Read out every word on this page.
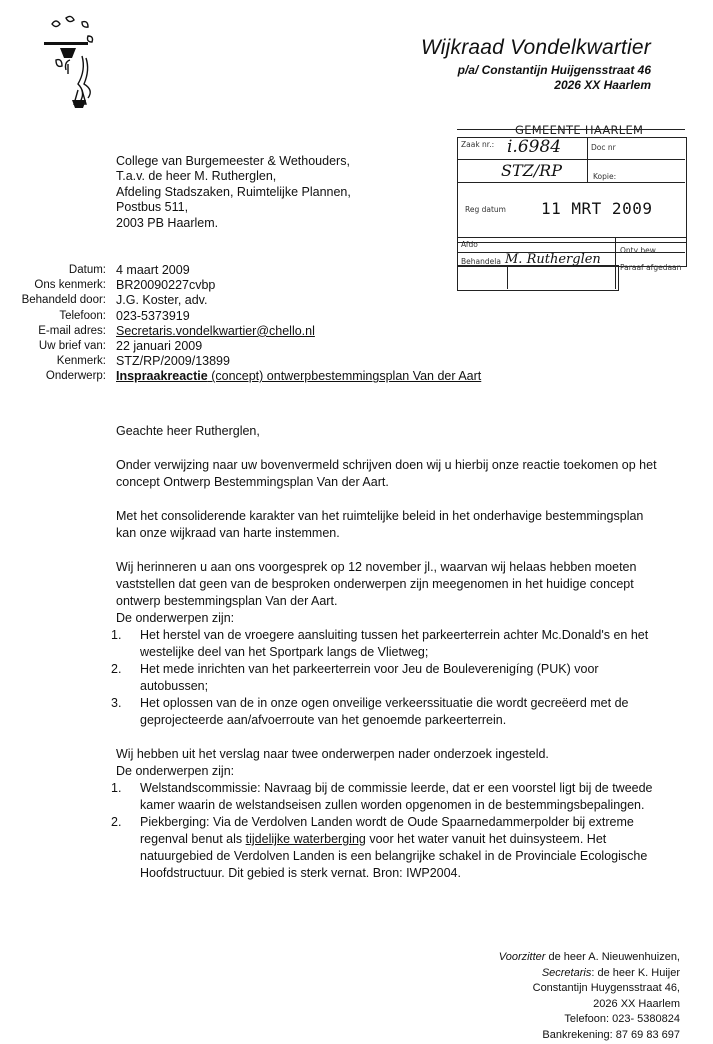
Wijkraad Vondelkwartier
p/a/ Constantijn Huijgensstraat 46
2026 XX Haarlem
GEMEENTE HAARLEM
Zaak nr.: i.6984	Doc nr
STZ/RP	Kopie:
Reg datum 11 MRT 2009
Afdo
Ontv bew
Behandela M. Rutherglen
Paraaf afgedaan
College van Burgemeester & Wethouders,
T.a.v. de heer M. Rutherglen,
Afdeling Stadszaken, Ruimtelijke Plannen,
Postbus 511,
2003 PB Haarlem.
Datum: 4 maart 2009
Ons kenmerk: BR20090227cvbp
Behandeld door: J.G. Koster, adv.
Telefoon: 023-5373919
E-mail adres: Secretaris.vondelkwartier@chello.nl
Uw brief van: 22 januari 2009
Kenmerk: STZ/RP/2009/13899
Onderwerp: Inspraakreactie (concept) ontwerpbestemmingsplan Van der Aart

Geachte heer Rutherglen,

Onder verwijzing naar uw bovenvermeld schrijven doen wij u hierbij onze reactie toekomen op het concept Ontwerp Bestemmingsplan Van der Aart.

Met het consoliderende karakter van het ruimtelijke beleid in het onderhavige bestemmingsplan kan onze wijkraad van harte instemmen.

Wij herinneren u aan ons voorgesprek op 12 november jl., waarvan wij helaas hebben moeten vaststellen dat geen van de besproken onderwerpen zijn meegenomen in het huidige concept ontwerp bestemmingsplan Van der Aart.

De onderwerpen zijn:

1. Het herstel van de vroegere aansluiting tussen het parkeerterrein achter Mc.Donald's en het westelijke deel van het Sportpark langs de Vlietweg;
2. Het mede inrichten van het parkeerterrein voor Jeu de Bouleverenigíng (PUK) voor autobussen;
3. Het oplossen van de in onze ogen onveilige verkeerssituatie die wordt gecreëerd met de geprojecteerde aan/afvoerroute van het genoemde parkeerterrein.

Wij hebben uit het verslag naar twee onderwerpen nader onderzoek ingesteld.

De onderwerpen zijn:

1. Welstandscommissie: Navraag bij de commissie leerde, dat er een voorstel ligt bij de tweede kamer waarin de welstandseisen zullen worden opgenomen in de bestemmingsbepalingen.
2. Piekberging: Via de Verdolven Landen wordt de Oude Spaarnedammerpolder bij extreme regenval benut als tijdelijke waterberging voor het water vanuit het duinsysteem. Het natuurgebied de Verdolven Landen is een belangrijke schakel in de Provinciale Ecologische Hoofdstructuur. Dit gebied is sterk vernat. Bron: IWP2004.
Voorzitter de heer A. Nieuwenhuizen,
Secretaris: de heer K. Huijer
Constantijn Huygensstraat 46,
2026 XX Haarlem
Telefoon: 023- 5380824
Bankrekening: 87 69 83 697
